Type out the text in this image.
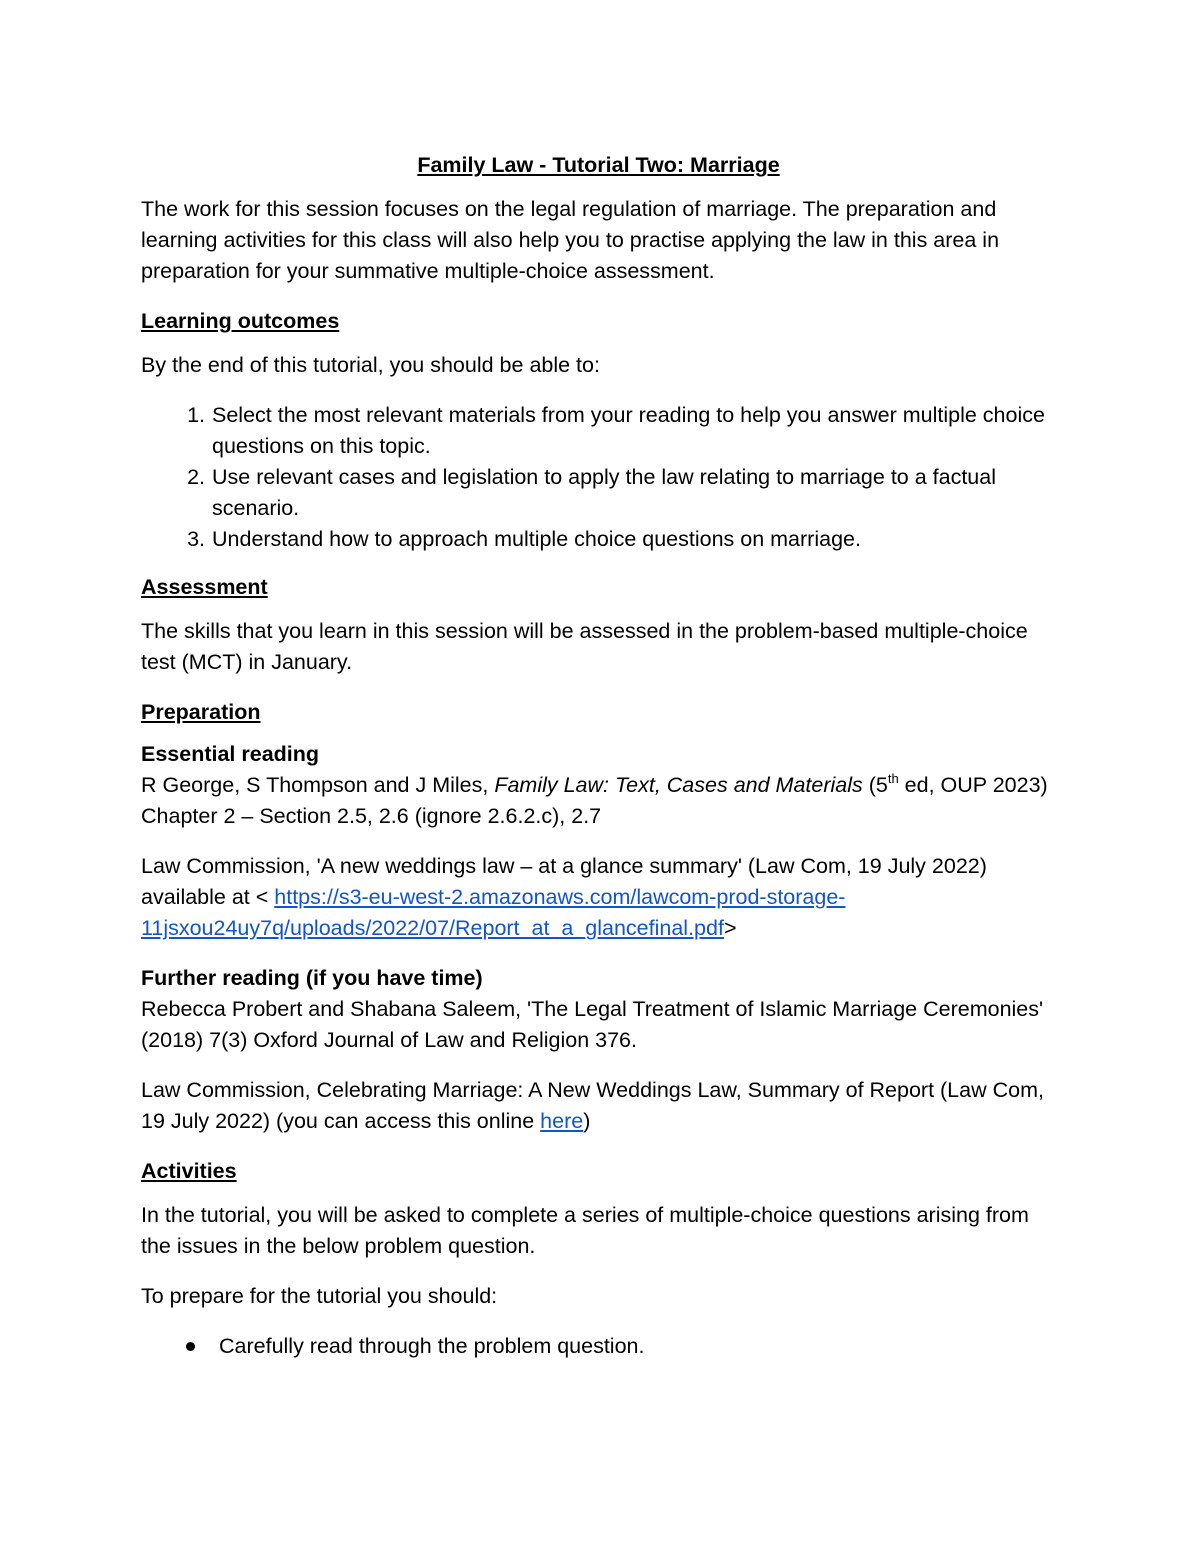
Family Law - Tutorial Two: Marriage

The work for this session focuses on the legal regulation of marriage. The preparation and learning activities for this class will also help you to practise applying the law in this area in preparation for your summative multiple-choice assessment.

Learning outcomes

By the end of this tutorial, you should be able to:

1. Select the most relevant materials from your reading to help you answer multiple choice questions on this topic.
2. Use relevant cases and legislation to apply the law relating to marriage to a factual scenario.
3. Understand how to approach multiple choice questions on marriage.
Assessment

The skills that you learn in this session will be assessed in the problem-based multiple-choice test (MCT) in January.

Preparation
Essential reading

R George, S Thompson and J Miles, Family Law: Text, Cases and Materials (5th ed, OUP 2023) Chapter 2 – Section 2.5, 2.6 (ignore 2.6.2.c), 2.7

Law Commission, 'A new weddings law – at a glance summary' (Law Com, 19 July 2022) available at < https://s3-eu-west-2.amazonaws.com/lawcom-prod-storage-11jsxou24uy7q/uploads/2022/07/Report_at_a_glancefinal.pdf>

Further reading (if you have time)

Rebecca Probert and Shabana Saleem, 'The Legal Treatment of Islamic Marriage Ceremonies' (2018) 7(3) Oxford Journal of Law and Religion 376.

Law Commission, Celebrating Marriage: A New Weddings Law, Summary of Report (Law Com, 19 July 2022) (you can access this online here)

Activities

In the tutorial, you will be asked to complete a series of multiple-choice questions arising from the issues in the below problem question.

To prepare for the tutorial you should:

Carefully read through the problem question.
